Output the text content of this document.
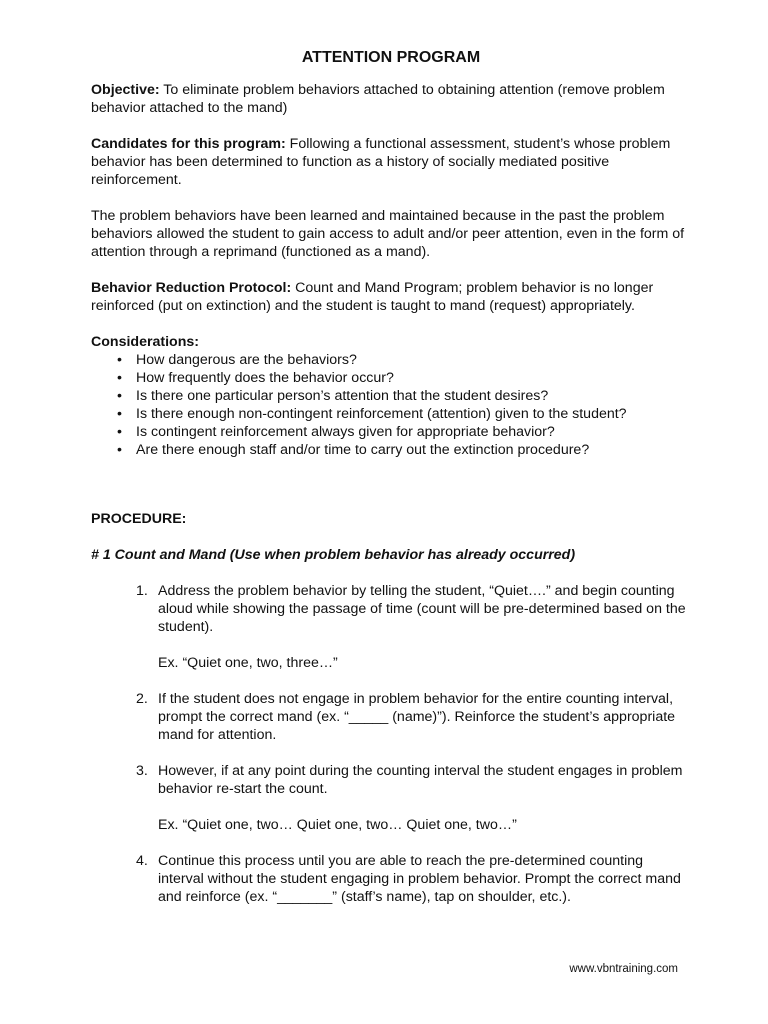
ATTENTION PROGRAM

Objective: To eliminate problem behaviors attached to obtaining attention (remove problem behavior attached to the mand)

Candidates for this program: Following a functional assessment, student’s whose problem behavior has been determined to function as a history of socially mediated positive reinforcement.

The problem behaviors have been learned and maintained because in the past the problem behaviors allowed the student to gain access to adult and/or peer attention, even in the form of attention through a reprimand (functioned as a mand).

Behavior Reduction Protocol: Count and Mand Program; problem behavior is no longer reinforced (put on extinction) and the student is taught to mand (request) appropriately.

Considerations:
• How dangerous are the behaviors?
• How frequently does the behavior occur?
• Is there one particular person’s attention that the student desires?
• Is there enough non-contingent reinforcement (attention) given to the student?
• Is contingent reinforcement always given for appropriate behavior?
• Are there enough staff and/or time to carry out the extinction procedure?
PROCEDURE:
# 1 Count and Mand (Use when problem behavior has already occurred)
1. Address the problem behavior by telling the student, “Quiet….” and begin counting aloud while showing the passage of time (count will be pre-determined based on the student).
Ex. “Quiet one, two, three…”
2. If the student does not engage in problem behavior for the entire counting interval, prompt the correct mand (ex. “_____ (name)”). Reinforce the student’s appropriate mand for attention.
3. However, if at any point during the counting interval the student engages in problem behavior re-start the count.
Ex. “Quiet one, two… Quiet one, two… Quiet one, two…”
4. Continue this process until you are able to reach the pre-determined counting interval without the student engaging in problem behavior. Prompt the correct mand and reinforce (ex. “_______” (staff’s name), tap on shoulder, etc.).
www.vbntraining.com
